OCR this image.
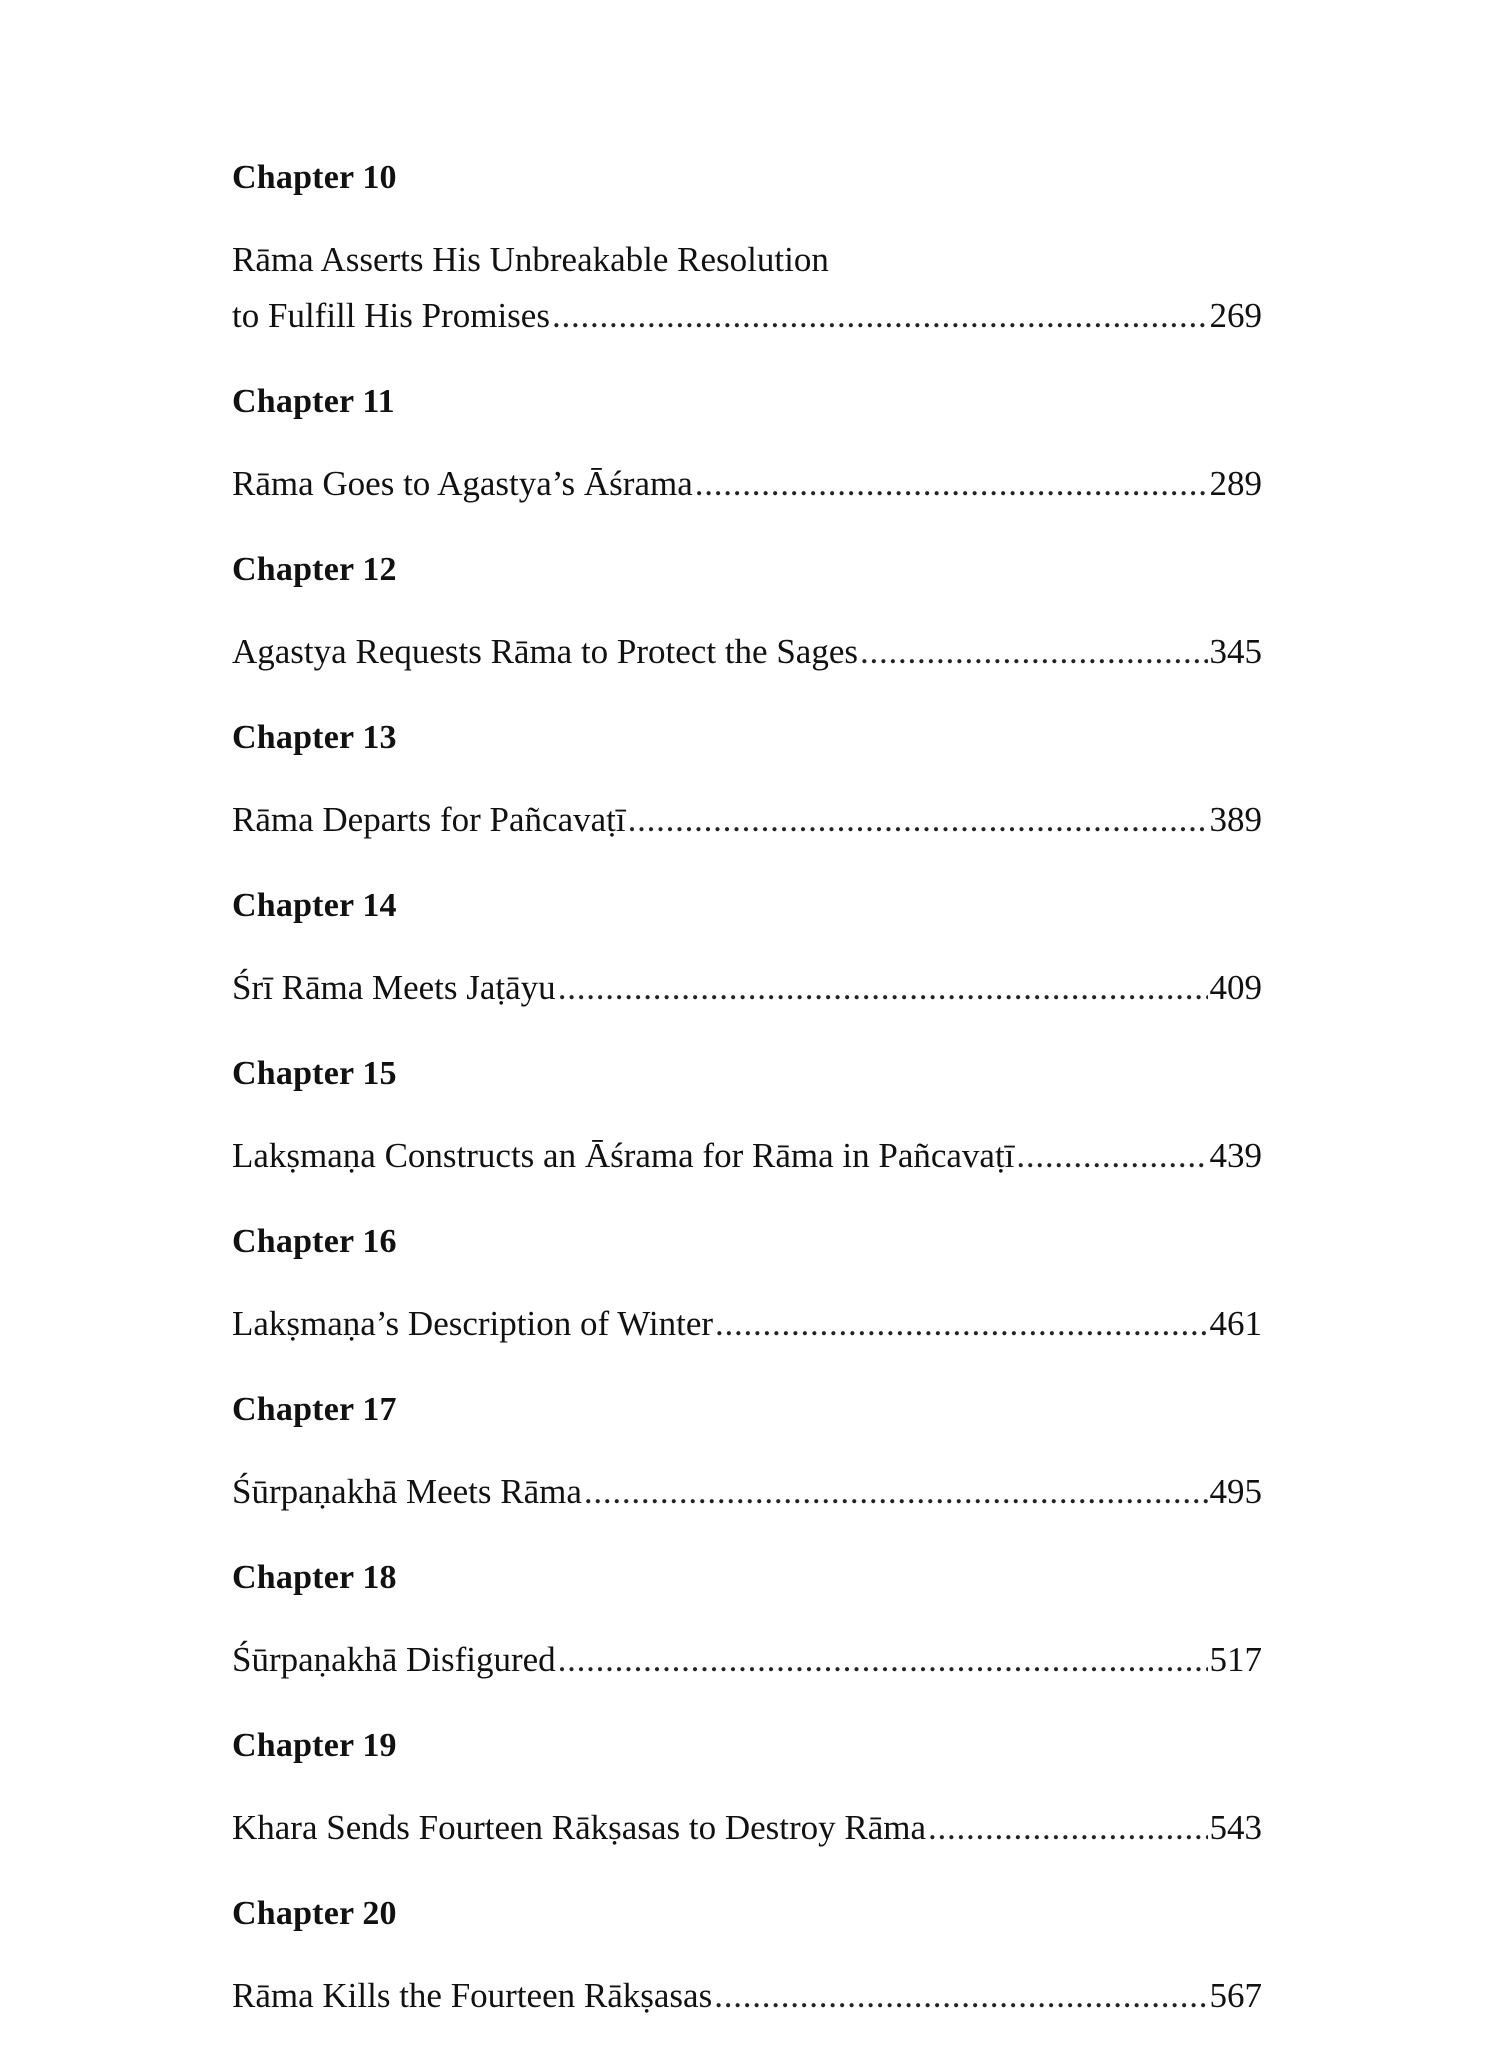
Chapter 10
Rāma Asserts His Unbreakable Resolution
to Fulfill His Promises . . .	269
Chapter 11
Rāma Goes to Agastya’s Āśrama . . .	289
Chapter 12
Agastya Requests Rāma to Protect the Sages . . .	345
Chapter 13
Rāma Departs for Pañcavaṭī . . .	389
Chapter 14
Śrī Rāma Meets Jaṭāyu . . .	409
Chapter 15
Lakṣmaṇa Constructs an Āśrama for Rāma in Pañcavaṭī . . .	439
Chapter 16
Lakṣmaṇa’s Description of Winter . . .	461
Chapter 17
Śūrpaṇakhā Meets Rāma . . .	495
Chapter 18
Śūrpaṇakhā Disfigured . . .	517
Chapter 19
Khara Sends Fourteen Rākṣasas to Destroy Rāma . . .	543
Chapter 20
Rāma Kills the Fourteen Rākṣasas . . .	567
